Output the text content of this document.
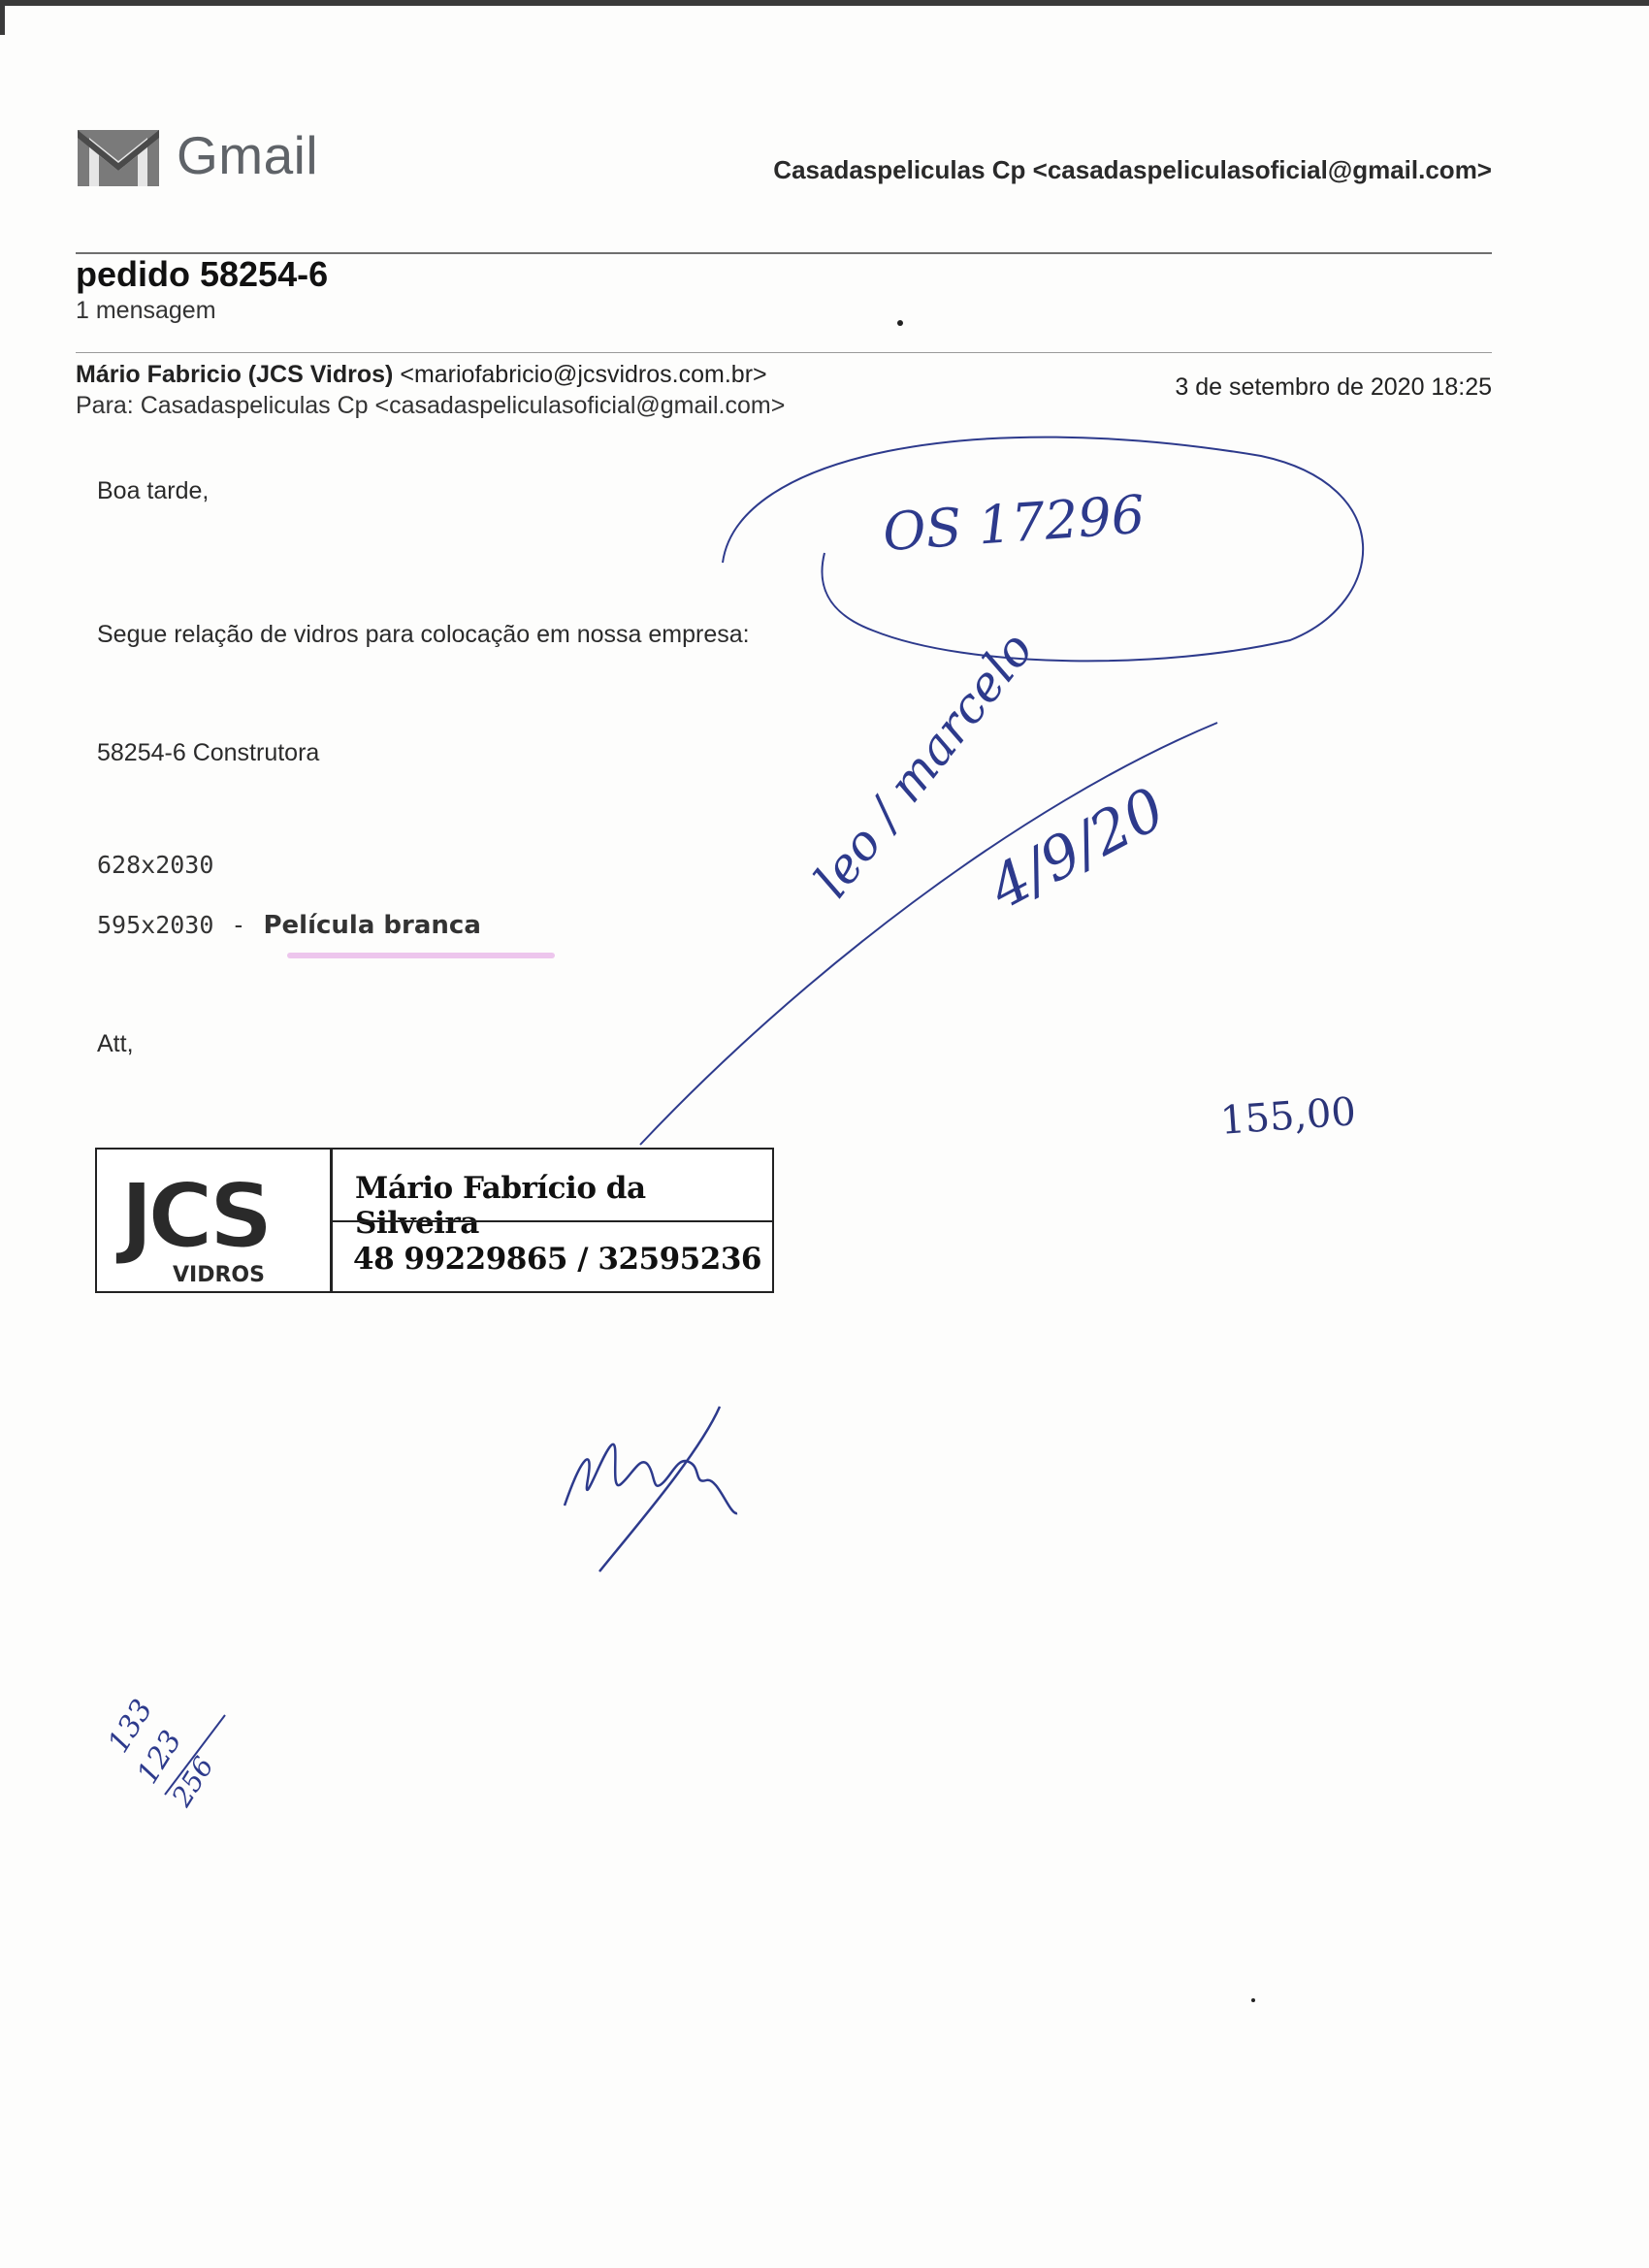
Gmail	Casadaspeliculas Cp <casadaspeliculasoficial@gmail.com>
pedido 58254-6
1 mensagem
Mário Fabricio (JCS Vidros) <mariofabricio@jcsvidros.com.br>
Para: Casadaspeliculas Cp <casadaspeliculasoficial@gmail.com>
3 de setembro de 2020 18:25
Boa tarde,
Segue relação de vidros para colocação em nossa empresa:
58254-6 Construtora
628x2030
595x2030 - Película branca
Att,
JCS
VIDROS
Mário Fabrício da Silveira
48 99229865 / 32595236
OS 17296
leo / marcelo
4/9/20
155,00
133
123
256
